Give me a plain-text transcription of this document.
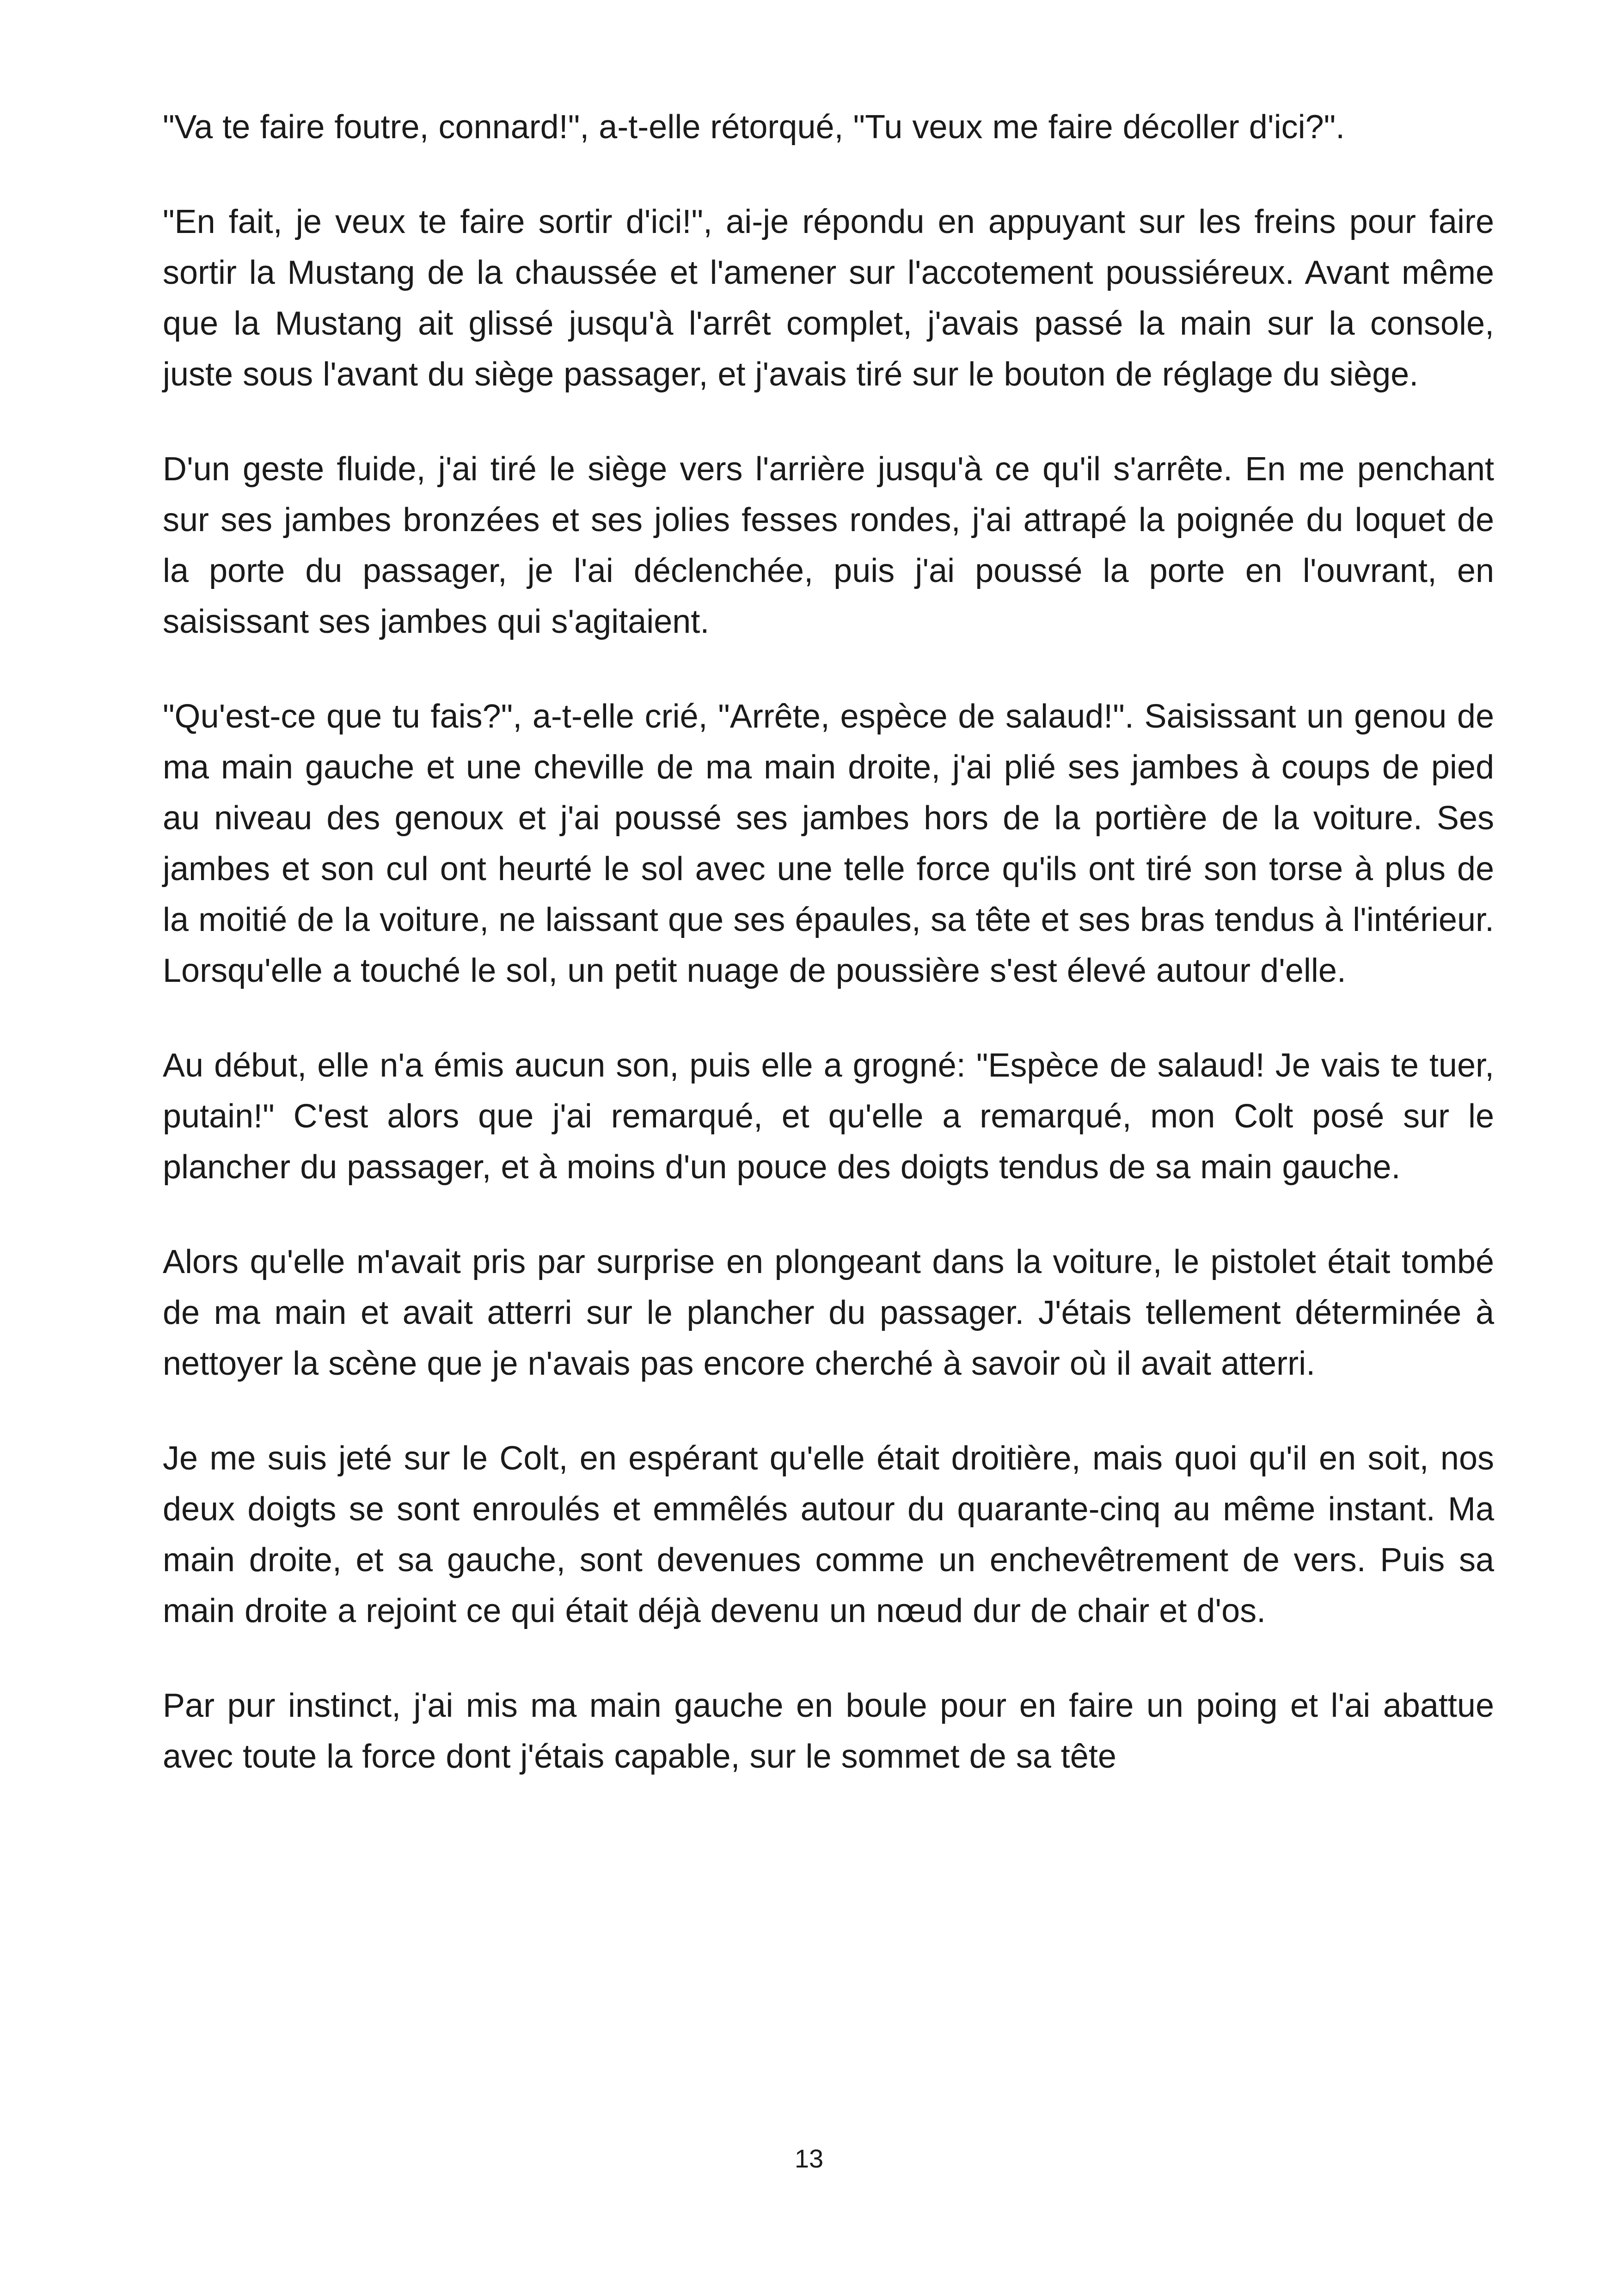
"Va te faire foutre, connard!", a-t-elle rétorqué, "Tu veux me faire décoller d'ici?".

"En fait, je veux te faire sortir d'ici!", ai-je répondu en appuyant sur les freins pour faire sortir la Mustang de la chaussée et l'amener sur l'accotement poussiéreux. Avant même que la Mustang ait glissé jusqu'à l'arrêt complet, j'avais passé la main sur la console, juste sous l'avant du siège passager, et j'avais tiré sur le bouton de réglage du siège.

D'un geste fluide, j'ai tiré le siège vers l'arrière jusqu'à ce qu'il s'arrête. En me penchant sur ses jambes bronzées et ses jolies fesses rondes, j'ai attrapé la poignée du loquet de la porte du passager, je l'ai déclenchée, puis j'ai poussé la porte en l'ouvrant, en saisissant ses jambes qui s'agitaient.

"Qu'est-ce que tu fais?", a-t-elle crié, "Arrête, espèce de salaud!". Saisissant un genou de ma main gauche et une cheville de ma main droite, j'ai plié ses jambes à coups de pied au niveau des genoux et j'ai poussé ses jambes hors de la portière de la voiture. Ses jambes et son cul ont heurté le sol avec une telle force qu'ils ont tiré son torse à plus de la moitié de la voiture, ne laissant que ses épaules, sa tête et ses bras tendus à l'intérieur. Lorsqu'elle a touché le sol, un petit nuage de poussière s'est élevé autour d'elle.

Au début, elle n'a émis aucun son, puis elle a grogné: "Espèce de salaud! Je vais te tuer, putain!" C'est alors que j'ai remarqué, et qu'elle a remarqué, mon Colt posé sur le plancher du passager, et à moins d'un pouce des doigts tendus de sa main gauche.

Alors qu'elle m'avait pris par surprise en plongeant dans la voiture, le pistolet était tombé de ma main et avait atterri sur le plancher du passager. J'étais tellement déterminée à nettoyer la scène que je n'avais pas encore cherché à savoir où il avait atterri.

Je me suis jeté sur le Colt, en espérant qu'elle était droitière, mais quoi qu'il en soit, nos deux doigts se sont enroulés et emmêlés autour du quarante-cinq au même instant. Ma main droite, et sa gauche, sont devenues comme un enchevêtrement de vers. Puis sa main droite a rejoint ce qui était déjà devenu un nœud dur de chair et d'os.

Par pur instinct, j'ai mis ma main gauche en boule pour en faire un poing et l'ai abattue avec toute la force dont j'étais capable, sur le sommet de sa tête

13
